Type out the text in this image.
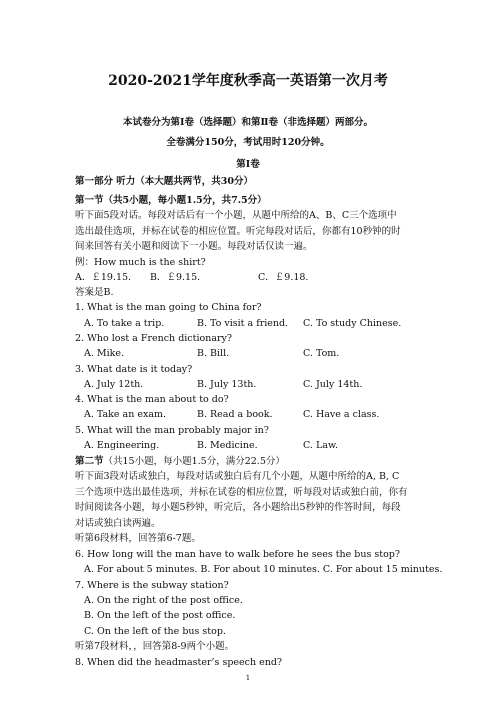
2020-2021学年度秋季高一英语第一次月考
本试卷分为第Ⅰ卷（选择题）和第Ⅱ卷（非选择题）两部分。
全卷满分150分，考试用时120分钟。
第Ⅰ卷
第一部分 听力（本大题共两节，共30分）
第一节（共5小题，每小题1.5分，共7.5分）
听下面5段对话。每段对话后有一个小题，从题中所给的A、B、C三个选项中
选出最佳选项，并标在试卷的相应位置。听完每段对话后，你都有10秒钟的时
间来回答有关小题和阅读下一小题。每段对话仅读一遍。
例：How much is the shirt?
A．￡19.15. B．￡9.15.	C．￡9.18.
答案是B.
1. What is the man going to China for?
A. To take a trip.	B. To visit a friend. C. To study Chinese.
2. Who lost a French dictionary?
A. Mike.	B. Bill.	C. Tom.
3. What date is it today?
A. July 12th.	B. July 13th.	C. July 14th.
4. What is the man about to do?
A. Take an exam.	B. Read a book.	C. Have a class.
5. What will the man probably major in?
A. Engineering.	B. Medicine.	C. Law.
第二节（共15小题，每小题1.5分，满分22.5分）
听下面3段对话或独白，每段对话或独白后有几个小题，从题中所给的A, B, C
三个选项中选出最佳选项，并标在试卷的相应位置，听每段对话或独白前，你有
时间阅读各小题，每小题5秒钟，听完后，各小题给出5秒钟的作答时间，每段
对话或独白读两遍。
听第6段材料，回答第6-7题。
6. How long will the man have to walk before he sees the bus stop?
A. For about 5 minutes. B. For about 10 minutes. C. For about 15 minutes.
7. Where is the subway station?
A. On the right of the post office.
B. On the left of the post office.
C. On the left of the bus stop.
听第7段材料，，回答第8-9两个小题。
8. When did the headmaster’s speech end?
1
